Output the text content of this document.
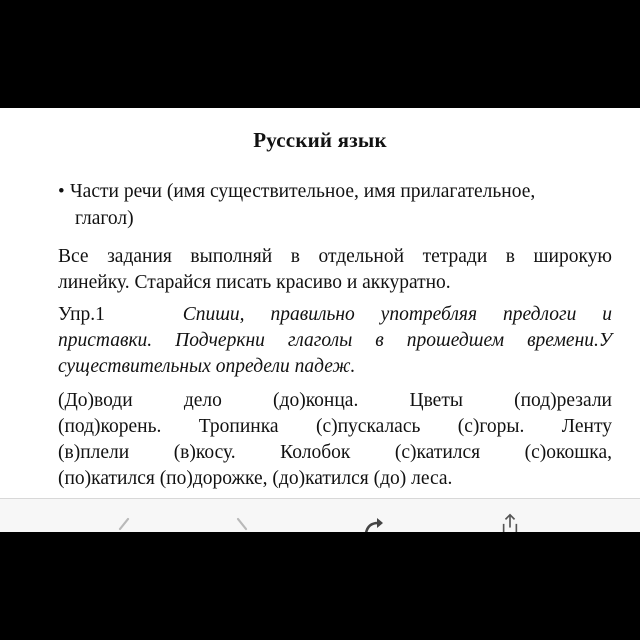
Русский язык
• Части речи (имя существительное, имя прилагательное,
глагол)
Все задания выполняй в отдельной тетради в широкую
линейку. Старайся писать красиво и аккуратно.
Упр.1	Спиши, правильно употребляя предлоги и
приставки. Подчеркни глаголы в прошедшем времени.У
существительных определи падеж.
(До)води дело (до)конца. Цветы (под)резали
(под)корень. Тропинка (с)пускалась (с)горы. Ленту
(в)плели (в)косу. Колобок (с)катился (с)окошка,
(по)катился (по)дорожке, (до)катился (до) леса.
